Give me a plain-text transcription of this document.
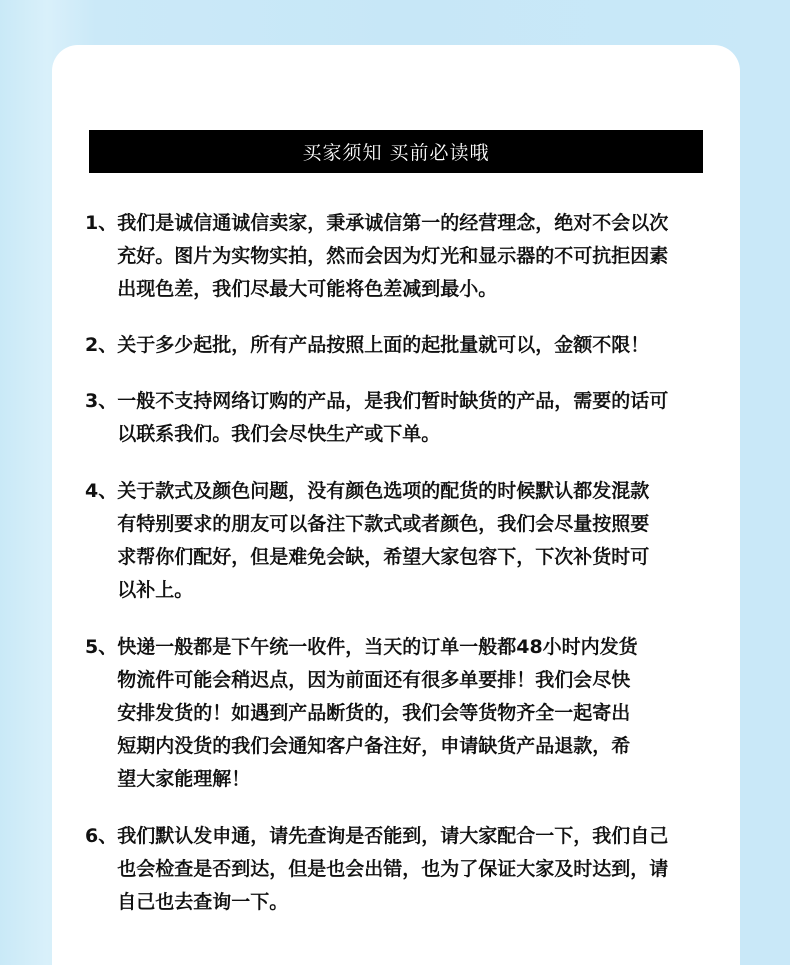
买家须知 买前必读哦
1、 我们是诚信通诚信卖家，秉承诚信第一的经营理念，绝对不会以次
充好。图片为实物实拍，然而会因为灯光和显示器的不可抗拒因素
出现色差，我们尽最大可能将色差减到最小。
2、 关于多少起批，所有产品按照上面的起批量就可以，金额不限！
3、 一般不支持网络订购的产品，是我们暂时缺货的产品，需要的话可
以联系我们。我们会尽快生产或下单。
4、 关于款式及颜色问题，没有颜色选项的配货的时候默认都发混款
有特别要求的朋友可以备注下款式或者颜色，我们会尽量按照要
求帮你们配好，但是难免会缺，希望大家包容下，下次补货时可
以补上。
5、 快递一般都是下午统一收件，当天的订单一般都48小时内发货
物流件可能会稍迟点，因为前面还有很多单要排！我们会尽快
安排发货的！如遇到产品断货的，我们会等货物齐全一起寄出
短期内没货的我们会通知客户备注好，申请缺货产品退款，希
望大家能理解！
6、 我们默认发申通，请先查询是否能到，请大家配合一下，我们自己
也会检查是否到达，但是也会出错，也为了保证大家及时达到，请
自己也去查询一下。
